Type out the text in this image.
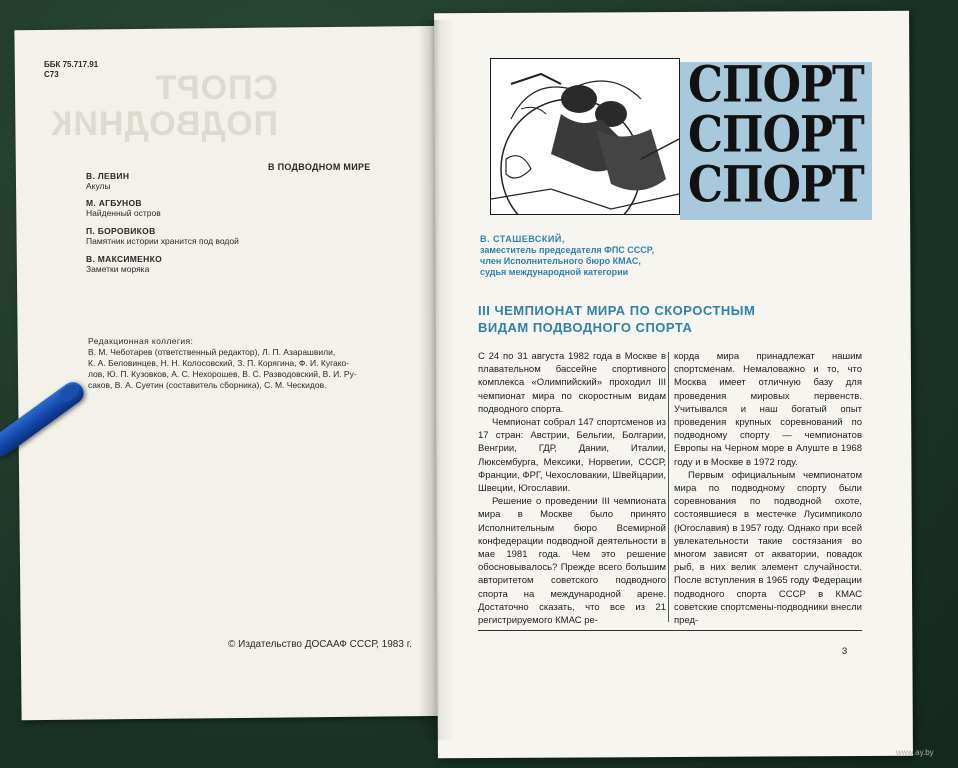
СПОРТ
ПОДВОДНИК
ББК 75.717.91
С73
В ПОДВОДНОМ МИРЕ
В. ЛЕВИН
Акулы
М. АГБУНОВ
Найденный остров
П. БОРОВИКОВ
Памятник истории хранится под водой
В. МАКСИМЕНКО
Заметки моряка
Редакционная коллегия:
В. М. Чеботарев (ответственный редактор), Л. П. Азарашвили,
К. А. Беловинцев, Н. Н. Колосовский, З. П. Корягина, Ф. И. Кугако-
лов, Ю. П. Кузовков, А. С. Нехорошев, В. С. Разводовский, В. И. Ру-
саков, В. А. Суетин (составитель сборника), С. М. Ческидов.
© Издательство ДОСААФ СССР, 1983 г.
СПОРТ
СПОРТ
СПОРТ
В. СТАШЕВСКИЙ,
заместитель председателя ФПС СССР,
член Исполнительного бюро КМАС,
судья международной категории
III ЧЕМПИОНАТ МИРА ПО СКОРОСТНЫМ
ВИДАМ ПОДВОДНОГО СПОРТА

С 24 по 31 августа 1982 года в Москве в плавательном бассейне спортивного комплекса «Олимпийский» проходил III чемпионат мира по скоростным видам подводного спорта.

Чемпионат собрал 147 спортсменов из 17 стран: Австрии, Бельгии, Болгарии, Венгрии, ГДР, Дании, Италии, Люксембурга, Мексики, Норвегии, СССР, Франции, ФРГ, Чехословакии, Швейцарии, Швеции, Югославии.

Решение о проведении III чемпионата мира в Москве было принято Исполнительным бюро Всемирной конфедерации подводной деятельности в мае 1981 года. Чем это решение обосновывалось? Прежде всего большим авторитетом советского подводного спорта на международной арене. Достаточно сказать, что все из 21 регистрируемого КМАС ре-

корда мира принадлежат нашим спортсменам. Немаловажно и то, что Москва имеет отличную базу для проведения мировых первенств. Учитывался и наш богатый опыт проведения крупных соревнований по подводному спорту — чемпионатов Европы на Черном море в Алуште в 1968 году и в Москве в 1972 году.

Первым официальным чемпионатом мира по подводному спорту были соревнования по подводной охоте, состоявшиеся в местечке Лусимпиколо (Югославия) в 1957 году. Однако при всей увлекательности такие состязания во многом зависят от акватории, повадок рыб, в них велик элемент случайности. После вступления в 1965 году Федерации подводного спорта СССР в КМАС советские спортсмены-подводники внесли пред-

3
www.ay.by
